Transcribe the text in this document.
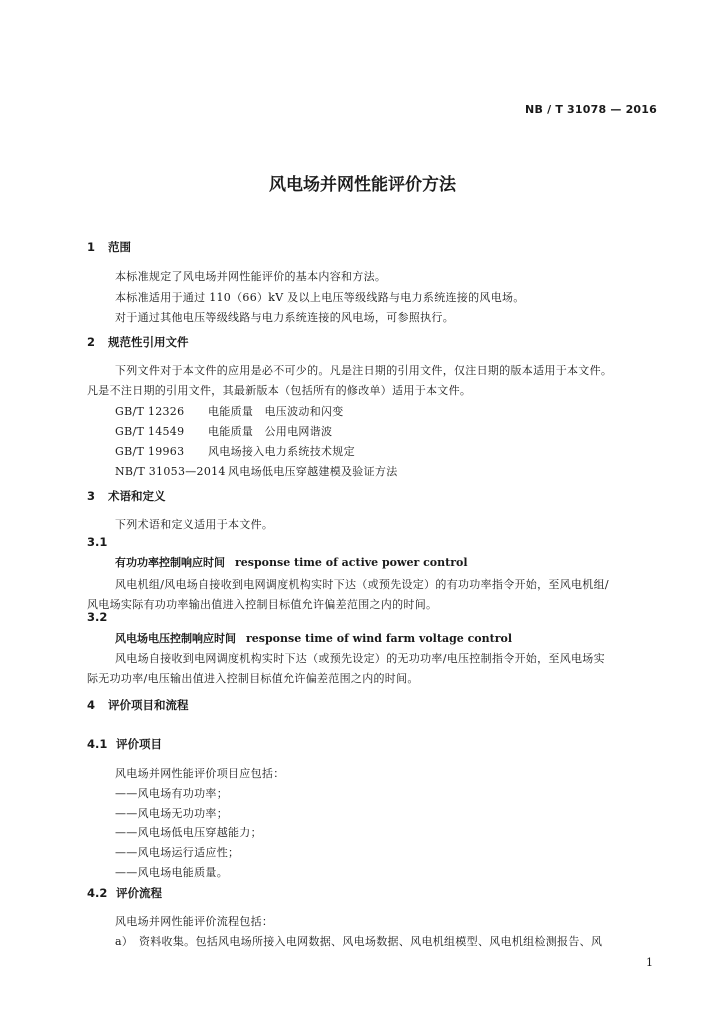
NB / T 31078 — 2016
风电场并网性能评价方法
1 范围
本标准规定了风电场并网性能评价的基本内容和方法。
本标准适用于通过 110（66）kV 及以上电压等级线路与电力系统连接的风电场。
对于通过其他电压等级线路与电力系统连接的风电场，可参照执行。
2 规范性引用文件
下列文件对于本文件的应用是必不可少的。凡是注日期的引用文件，仅注日期的版本适用于本文件。
凡是不注日期的引用文件，其最新版本（包括所有的修改单）适用于本文件。
GB/T 12326 电能质量　电压波动和闪变
GB/T 14549 电能质量　公用电网谐波
GB/T 19963 风电场接入电力系统技术规定
NB/T 31053—2014 风电场低电压穿越建模及验证方法
3 术语和定义
下列术语和定义适用于本文件。
3.1
有功功率控制响应时间 response time of active power control
风电机组/风电场自接收到电网调度机构实时下达（或预先设定）的有功功率指令开始，至风电机组/
风电场实际有功功率输出值进入控制目标值允许偏差范围之内的时间。
3.2
风电场电压控制响应时间 response time of wind farm voltage control
风电场自接收到电网调度机构实时下达（或预先设定）的无功功率/电压控制指令开始，至风电场实
际无功功率/电压输出值进入控制目标值允许偏差范围之内的时间。
4 评价项目和流程
4.1 评价项目
风电场并网性能评价项目应包括：
——风电场有功功率；
——风电场无功功率；
——风电场低电压穿越能力；
——风电场运行适应性；
——风电场电能质量。
4.2 评价流程
风电场并网性能评价流程包括：
a）　资料收集。包括风电场所接入电网数据、风电场数据、风电机组模型、风电机组检测报告、风
1
